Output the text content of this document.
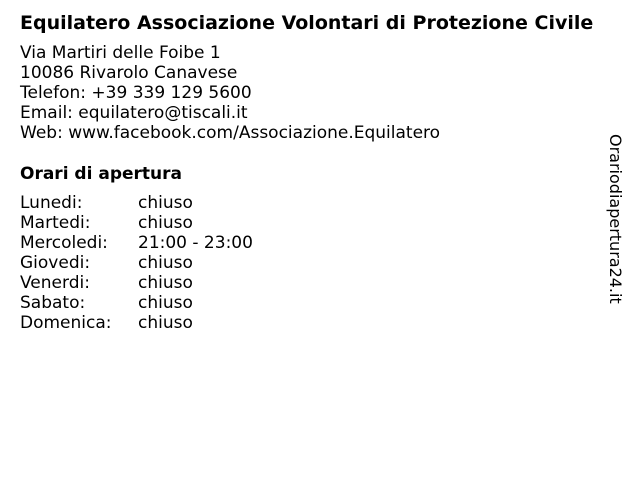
Equilatero Associazione Volontari di Protezione Civile
Via Martiri delle Foibe 1
10086 Rivarolo Canavese
Telefon: +39 339 129 5600
Email: equilatero@tiscali.it
Web: www.facebook.com/Associazione.Equilatero
Orari di apertura
Lunedi:	chiuso
Martedi:	chiuso
Mercoledi: 21:00 - 23:00
Giovedi:	chiuso
Venerdi:	chiuso
Sabato:	chiuso
Domenica: chiuso
Orariodiapertura24.it
